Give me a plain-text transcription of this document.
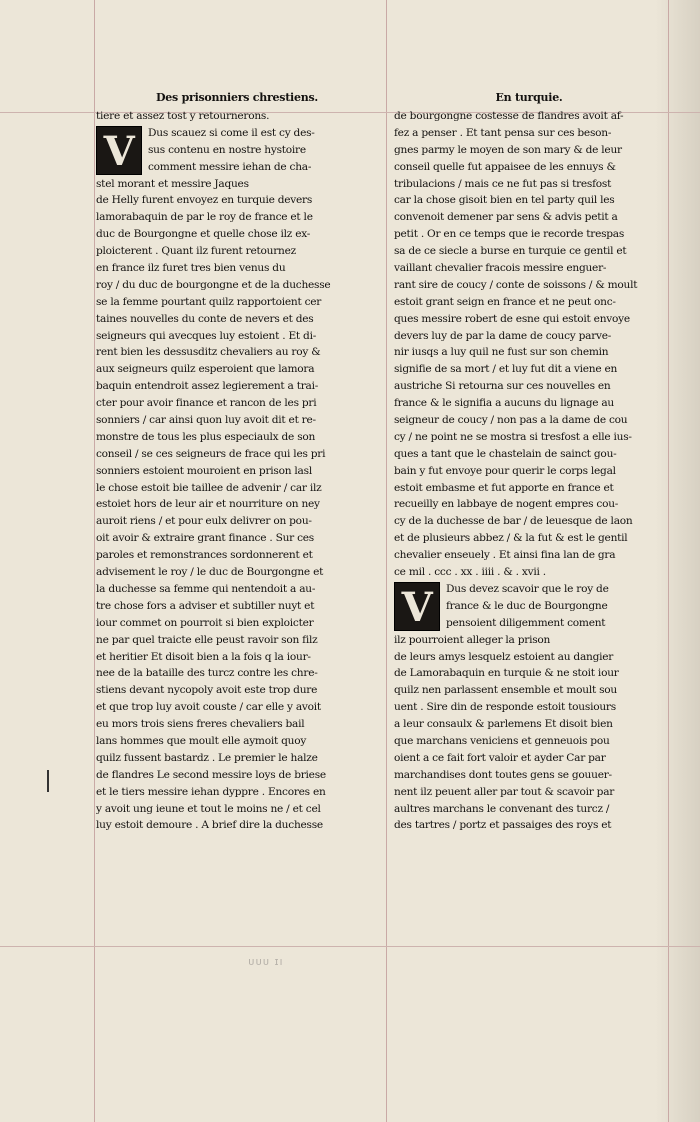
ᴜᴜᴜ ɪı
Des prisonniers chrestiens.
tiere et assez tost y retournerons.
V	Dus scauez si come il est cy des-
sus contenu en nostre hystoire
comment messire iehan de cha-
stel morant et messire Jaques
de Helly furent envoyez en turquie devers
lamorabaquin de par le roy de france et le
duc de Bourgongne et quelle chose ilz ex-
ploicterent . Quant ilz furent retournez
en france ilz furet tres bien venus du
roy / du duc de bourgongne et de la duchesse
se la femme pourtant quilz rapportoient cer
taines nouvelles du conte de nevers et des
seigneurs qui avecques luy estoient . Et di-
rent bien les dessusditz chevaliers au roy &
aux seigneurs quilz esperoient que lamora
baquin entendroit assez legierement a trai-
cter pour avoir finance et rancon de les pri
sonniers / car ainsi quon luy avoit dit et re-
monstre de tous les plus especiaulx de son
conseil / se ces seigneurs de frace qui les pri
sonniers estoient mouroient en prison lasl
le chose estoit bie taillee de advenir / car ilz
estoiet hors de leur air et nourriture on ney
auroit riens / et pour eulx delivrer on pou-
oit avoir & extraire grant finance . Sur ces
paroles et remonstrances sordonnerent et
advisement le roy / le duc de Bourgongne et
la duchesse sa femme qui nentendoit a au-
tre chose fors a adviser et subtiller nuyt et
iour commet on pourroit si bien exploicter
ne par quel traicte elle peust ravoir son filz
et heritier Et disoit bien a la fois q la iour-
nee de la bataille des turcz contre les chre-
stiens devant nycopoly avoit este trop dure
et que trop luy avoit couste / car elle y avoit
eu mors trois siens freres chevaliers bail
lans hommes que moult elle aymoit quoy
quilz fussent bastardz . Le premier le halze
de flandres Le second messire loys de briese
et le tiers messire iehan dyppre . Encores en
y avoit ung ieune et tout le moins ne / et cel
luy estoit demoure . A brief dire la duchesse
En turquie.
de bourgongne costesse de flandres avoit af-
fez a penser . Et tant pensa sur ces beson-
gnes parmy le moyen de son mary & de leur
conseil quelle fut appaisee de les ennuys &
tribulacions / mais ce ne fut pas si tresfost
car la chose gisoit bien en tel party quil les
convenoit demener par sens & advis petit a
petit . Or en ce temps que ie recorde trespas
sa de ce siecle a burse en turquie ce gentil et
vaillant chevalier fracois messire enguer-
rant sire de coucy / conte de soissons / & moult
estoit grant seign en france et ne peut onc-
ques messire robert de esne qui estoit envoye
devers luy de par la dame de coucy parve-
nir iusqs a luy quil ne fust sur son chemin
signifie de sa mort / et luy fut dit a viene en
austriche Si retourna sur ces nouvelles en
france & le signifia a aucuns du lignage au
seigneur de coucy / non pas a la dame de cou
cy / ne point ne se mostra si tresfost a elle ius-
ques a tant que le chastelain de sainct gou-
bain y fut envoye pour querir le corps legal
estoit embasme et fut apporte en france et
recueilly en labbaye de nogent empres cou-
cy de la duchesse de bar / de leuesque de laon
et de plusieurs abbez / & la fut & est le gentil
chevalier enseuely . Et ainsi fina lan de gra
ce mil . ccc . xx . iiii . & . xvii .
V	Dus devez scavoir que le roy de
france & le duc de Bourgongne
pensoient diligemment coment
ilz pourroient alleger la prison
de leurs amys lesquelz estoient au dangier
de Lamorabaquin en turquie & ne stoit iour
quilz nen parlassent ensemble et moult sou
uent . Sire din de responde estoit tousiours
a leur consaulx & parlemens Et disoit bien
que marchans veniciens et genneuois pou
oient a ce fait fort valoir et ayder Car par
marchandises dont toutes gens se gouuer-
nent ilz peuent aller par tout & scavoir par
aultres marchans le convenant des turcz /
des tartres / portz et passaiges des roys et
